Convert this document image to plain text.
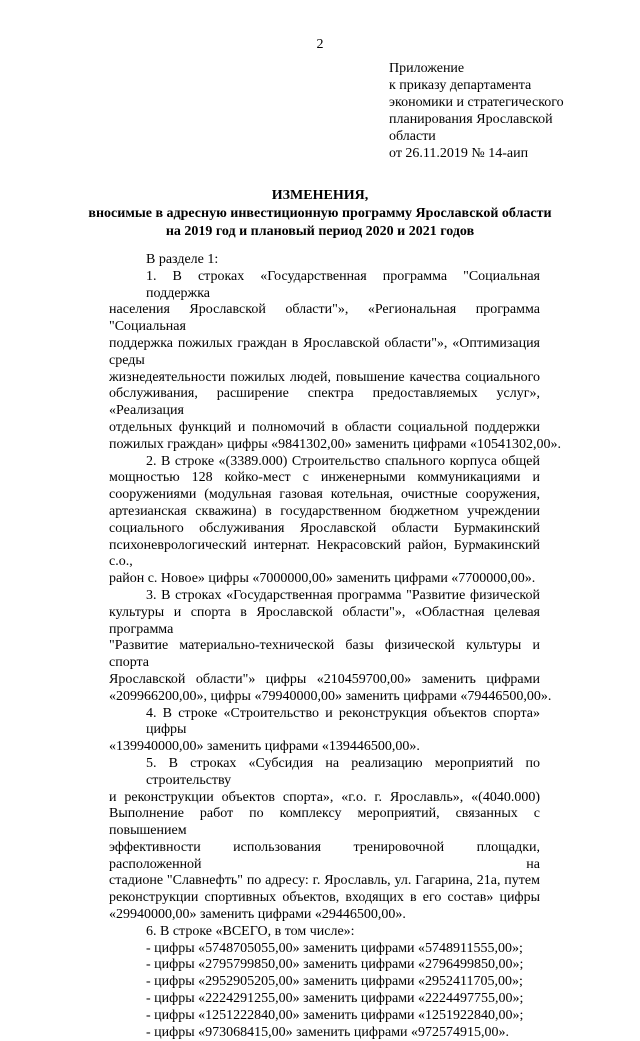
2
Приложение
к приказу департамента
экономики и стратегического
планирования Ярославской
области
от 26.11.2019 № 14-аип
ИЗМЕНЕНИЯ,
вносимые в адресную инвестиционную программу Ярославской области
на 2019 год и плановый период 2020 и 2021 годов
В разделе 1:
1. В строках «Государственная программа "Социальная поддержка
населения Ярославской области"», «Региональная программа "Социальная
поддержка пожилых граждан в Ярославской области"», «Оптимизация среды
жизнедеятельности пожилых людей, повышение качества социального
обслуживания, расширение спектра предоставляемых услуг», «Реализация
отдельных функций и полномочий в области социальной поддержки
пожилых граждан» цифры «9841302,00» заменить цифрами «10541302,00».
2. В строке «(3389.000) Строительство спального корпуса общей
мощностью 128 койко-мест с инженерными коммуникациями и
сооружениями (модульная газовая котельная, очистные сооружения,
артезианская скважина) в государственном бюджетном учреждении
социального обслуживания Ярославской области Бурмакинский
психоневрологический интернат. Некрасовский район, Бурмакинский с.о.,
район с. Новое» цифры «7000000,00» заменить цифрами «7700000,00».
3. В строках «Государственная программа "Развитие физической
культуры и спорта в Ярославской области"», «Областная целевая программа
"Развитие материально-технической базы физической культуры и спорта
Ярославской области"» цифры «210459700,00» заменить цифрами
«209966200,00», цифры «79940000,00» заменить цифрами «79446500,00».
4. В строке «Строительство и реконструкция объектов спорта» цифры
«139940000,00» заменить цифрами «139446500,00».
5. В строках «Субсидия на реализацию мероприятий по строительству
и реконструкции объектов спорта», «г.о. г. Ярославль», «(4040.000)
Выполнение работ по комплексу мероприятий, связанных с повышением
эффективности использования тренировочной площадки, расположенной на
стадионе "Славнефть" по адресу: г. Ярославль, ул. Гагарина, 21а, путем
реконструкции спортивных объектов, входящих в его состав» цифры
«29940000,00» заменить цифрами «29446500,00».
6. В строке «ВСЕГО, в том числе»:
- цифры «5748705055,00» заменить цифрами «5748911555,00»;
- цифры «2795799850,00» заменить цифрами «2796499850,00»;
- цифры «2952905205,00» заменить цифрами «2952411705,00»;
- цифры «2224291255,00» заменить цифрами «2224497755,00»;
- цифры «1251222840,00» заменить цифрами «1251922840,00»;
- цифры «973068415,00» заменить цифрами «972574915,00».
